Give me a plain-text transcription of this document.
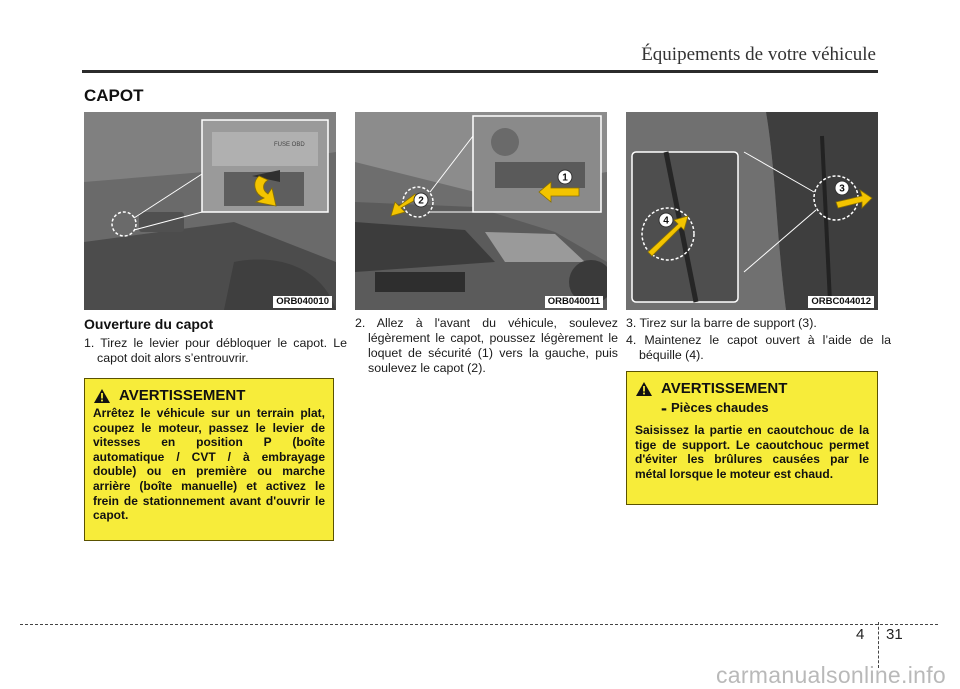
Équipements de votre véhicule
CAPOT
FUSE OBD
ORB040010
1
2
ORB040011
3
4
ORBC044012
Ouverture du capot
1. Tirez le levier pour débloquer le capot. Le capot doit alors s’entrouvrir.
2. Allez à l'avant du véhicule, soulevez légèrement le capot, poussez légèrement le loquet de sécurité (1) vers la gauche, puis soulevez le capot (2).
3. Tirez sur la barre de support (3).
4. Maintenez le capot ouvert à l’aide de la béquille (4).
AVERTISSEMENT
Arrêtez le véhicule sur un terrain plat, coupez le moteur, passez le levier de vitesses en position P (boîte automatique / CVT / à embrayage double) ou en première ou marche arrière (boîte manuelle) et activez le frein de stationnement avant d'ouvrir le capot.
AVERTISSEMENT
- Pièces chaudes
Saisissez la partie en caoutchouc de la tige de support. Le caoutchouc permet d'éviter les brûlures causées par le métal lorsque le moteur est chaud.
4 31
carmanualsonline.info
